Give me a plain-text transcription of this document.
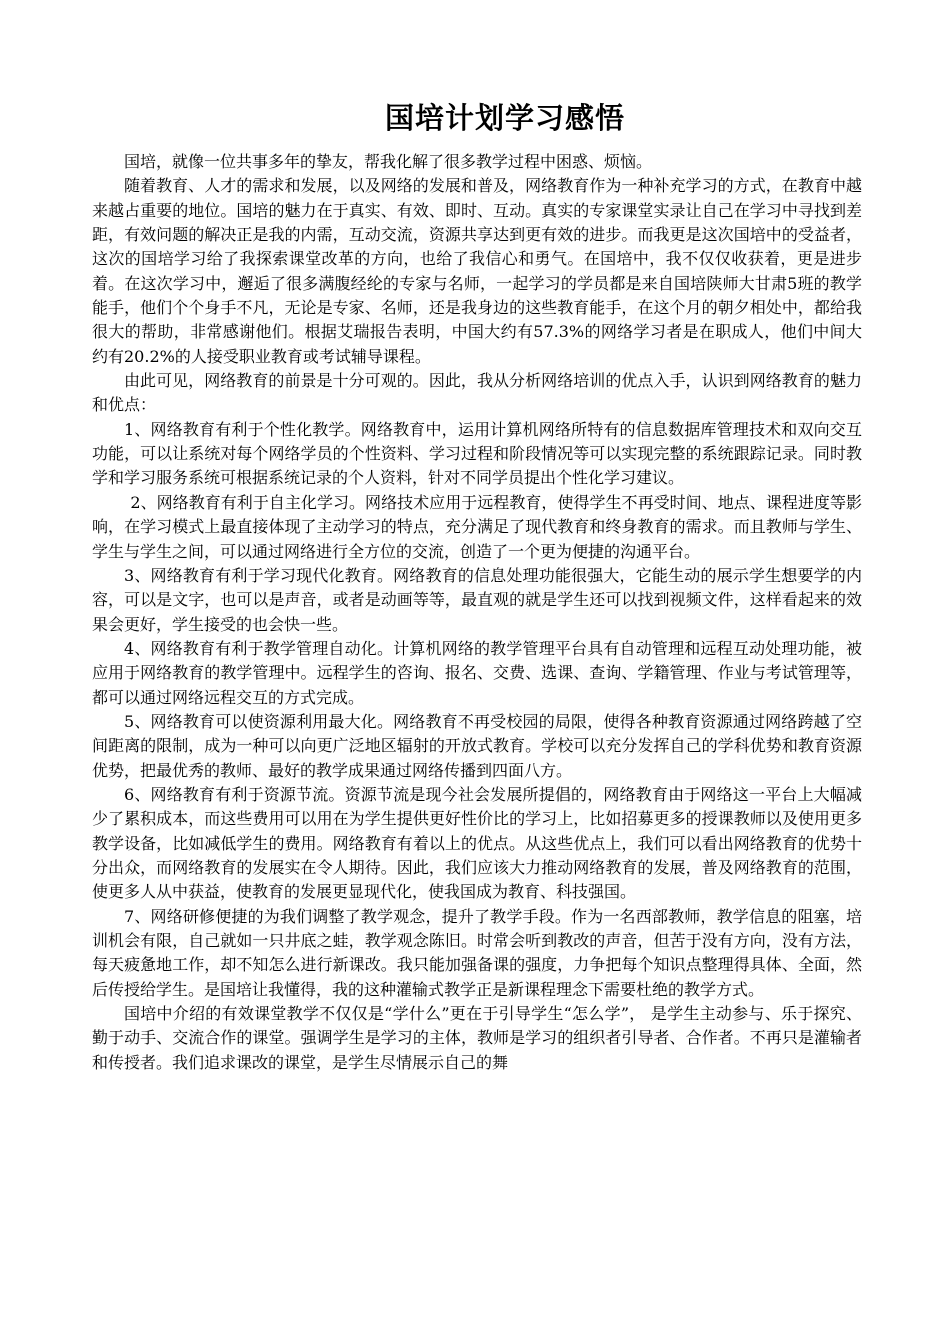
国培计划学习感悟

国培，就像一位共事多年的挚友，帮我化解了很多教学过程中困惑、烦恼。

随着教育、人才的需求和发展，以及网络的发展和普及，网络教育作为一种补充学习的方式，在教育中越来越占重要的地位。国培的魅力在于真实、有效、即时、互动。真实的专家课堂实录让自己在学习中寻找到差距，有效问题的解决正是我的内需，互动交流，资源共享达到更有效的进步。而我更是这次国培中的受益者，这次的国培学习给了我探索课堂改革的方向，也给了我信心和勇气。在国培中，我不仅仅收获着，更是进步着。在这次学习中，邂逅了很多满腹经纶的专家与名师，一起学习的学员都是来自国培陕师大甘肃5班的教学能手，他们个个身手不凡，无论是专家、名师，还是我身边的这些教育能手，在这个月的朝夕相处中，都给我很大的帮助，非常感谢他们。根据艾瑞报告表明，中国大约有57.3%的网络学习者是在职成人，他们中间大约有20.2%的人接受职业教育或考试辅导课程。

由此可见，网络教育的前景是十分可观的。因此，我从分析网络培训的优点入手，认识到网络教育的魅力和优点：

1、网络教育有利于个性化教学。网络教育中，运用计算机网络所特有的信息数据库管理技术和双向交互功能，可以让系统对每个网络学员的个性资料、学习过程和阶段情况等可以实现完整的系统跟踪记录。同时教学和学习服务系统可根据系统记录的个人资料，针对不同学员提出个性化学习建议。

2、网络教育有利于自主化学习。网络技术应用于远程教育，使得学生不再受时间、地点、课程进度等影响，在学习模式上最直接体现了主动学习的特点，充分满足了现代教育和终身教育的需求。而且教师与学生、学生与学生之间，可以通过网络进行全方位的交流，创造了一个更为便捷的沟通平台。

3、网络教育有利于学习现代化教育。网络教育的信息处理功能很强大，它能生动的展示学生想要学的内容，可以是文字，也可以是声音，或者是动画等等，最直观的就是学生还可以找到视频文件，这样看起来的效果会更好，学生接受的也会快一些。

4、网络教育有利于教学管理自动化。计算机网络的教学管理平台具有自动管理和远程互动处理功能，被应用于网络教育的教学管理中。远程学生的咨询、报名、交费、选课、查询、学籍管理、作业与考试管理等，都可以通过网络远程交互的方式完成。

5、网络教育可以使资源利用最大化。网络教育不再受校园的局限，使得各种教育资源通过网络跨越了空间距离的限制，成为一种可以向更广泛地区辐射的开放式教育。学校可以充分发挥自己的学科优势和教育资源优势，把最优秀的教师、最好的教学成果通过网络传播到四面八方。

6、网络教育有利于资源节流。资源节流是现今社会发展所提倡的，网络教育由于网络这一平台上大幅减少了累积成本，而这些费用可以用在为学生提供更好性价比的学习上，比如招募更多的授课教师以及使用更多教学设备，比如减低学生的费用。网络教育有着以上的优点。从这些优点上，我们可以看出网络教育的优势十分出众，而网络教育的发展实在令人期待。因此，我们应该大力推动网络教育的发展，普及网络教育的范围，使更多人从中获益，使教育的发展更显现代化，使我国成为教育、科技强国。

7、网络研修便捷的为我们调整了教学观念，提升了教学手段。作为一名西部教师，教学信息的阻塞，培训机会有限，自己就如一只井底之蛙，教学观念陈旧。时常会听到教改的声音，但苦于没有方向，没有方法，每天疲惫地工作，却不知怎么进行新课改。我只能加强备课的强度，力争把每个知识点整理得具体、全面，然后传授给学生。是国培让我懂得，我的这种灌输式教学正是新课程理念下需要杜绝的教学方式。

国培中介绍的有效课堂教学不仅仅是“学什么”更在于引导学生“怎么学”， 是学生主动参与、乐于探究、勤于动手、交流合作的课堂。强调学生是学习的主体，教师是学习的组织者引导者、合作者。不再只是灌输者和传授者。我们追求课改的课堂，是学生尽情展示自己的舞
